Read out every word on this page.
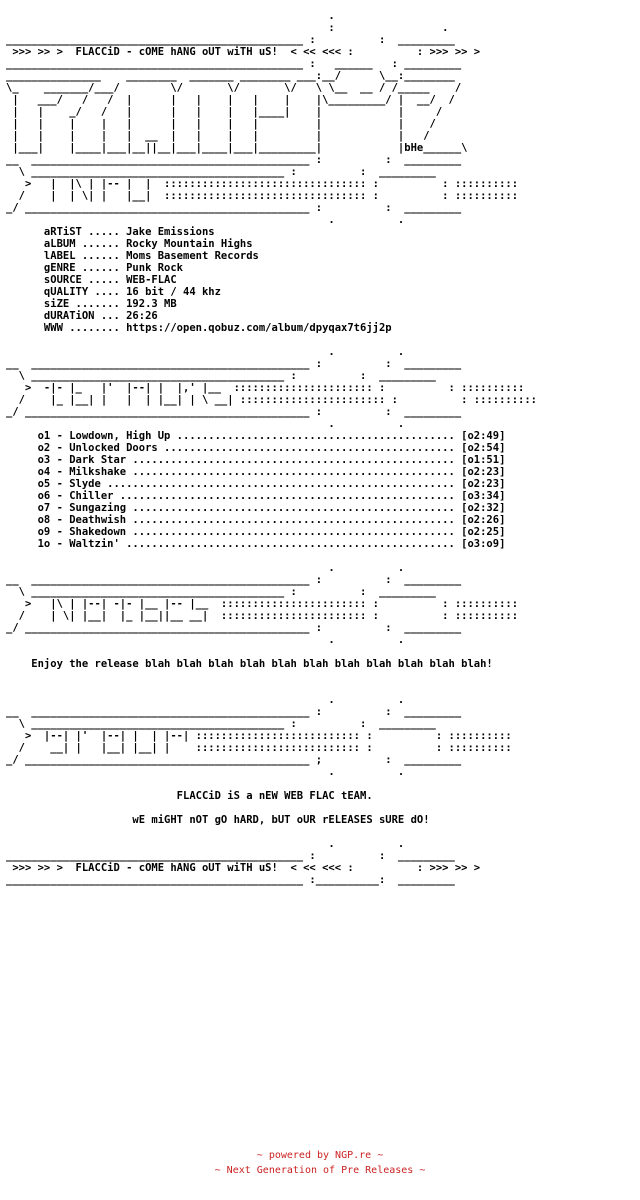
.
:                 .
_______________________________________________ :          :  _________
>>> >> >  FLACCiD - cOME hANG oUT wiTH uS!  < << <<< :          : >>> >> >
_______________________________________________ :   ______   : _________
_______________    ________  _______ ________ ___:__/      \__:________
\_    _______/___/        \/       \/       \/   \ \__  __ / /_____    /
|   ___/   /   /  |      |   |    |   |    |    |\_________/ |  __/  /
|   |    _/   /   |      |   |    |   |____|    |            |     /
|   |    |    |   |      |   |    |   |         |            |    /
|   |    |    |   |  __  |   |    |   |         |            |   /
|___|    |____|___|__||__|___|____|___|_________|            |bHe______\
__  ____________________________________________ :          :  _________
\ ________________________________________ :          :  _________
>   |  |\ | |-- |  |  :::::::::::::::::::::::::::::::: :          : ::::::::::
/    |  | \| |   |__|  :::::::::::::::::::::::::::::::: :          : ::::::::::
_/ _____________________________________________ :          :  _________
.          .
aRTiST ..... Jake Emissions
aLBUM ...... Rocky Mountain Highs
lABEL ...... Moms Basement Records
gENRE ...... Punk Rock
sOURCE ..... WEB-FLAC
qUALITY .... 16 bit / 44 khz
siZE ....... 192.3 MB
dURATiON ... 26:26
WWW ........ https://open.qobuz.com/album/dpyqax7t6jj2p
.          .
__  ____________________________________________ :          :  _________
\ ________________________________________ :          :  _________
>  -|- |_   |'  |--| |  |,' |__  :::::::::::::::::::::: :          : ::::::::::
/    |_ |__| |   |  | |__| | \ __| ::::::::::::::::::::::: :          : ::::::::::
_/ _____________________________________________ :          :  _________
.          .
o1 - Lowdown, High Up ............................................ [o2:49]
o2 - Unlocked Doors .............................................. [o2:54]
o3 - Dark Star ................................................... [o1:51]
o4 - Milkshake ................................................... [o2:23]
o5 - Slyde ....................................................... [o2:23]
o6 - Chiller ..................................................... [o3:34]
o7 - Sungazing ................................................... [o2:32]
o8 - Deathwish ................................................... [o2:26]
o9 - Shakedown ................................................... [o2:25]
1o - Waltzin' .................................................... [o3:o9]
.          .
__  ____________________________________________ :          :  _________
\ ________________________________________ :          :  _________
>   |\ | |--| -|- |__ |-- |__  ::::::::::::::::::::::: :          : ::::::::::
/    | \| |__|  |_ |__||__ __|  ::::::::::::::::::::::: :          : ::::::::::
_/ _____________________________________________ :          :  _________
.          .
Enjoy the release blah blah blah blah blah blah blah blah blah blah blah!
.          .
__  ____________________________________________ :          :  _________
\ ________________________________________ :          :  _________
>  |--| |'  |--| |  | |--| :::::::::::::::::::::::::: :          : ::::::::::
/    __| |   |__| |__| |    :::::::::::::::::::::::::: :          : ::::::::::
_/ _____________________________________________ ;          :  _________
.          .
FLACCiD iS a nEW WEB FLAC tEAM.
wE miGHT nOT gO hARD, bUT oUR rELEASES sURE dO!
.          .
_______________________________________________ :          :  _________
>>> >> >  FLACCiD - cOME hANG oUT wiTH uS!  < << <<< :          : >>> >> >
_______________________________________________ :__________:  _________
~ powered by NGP.re ~
~ Next Generation of Pre Releases ~
